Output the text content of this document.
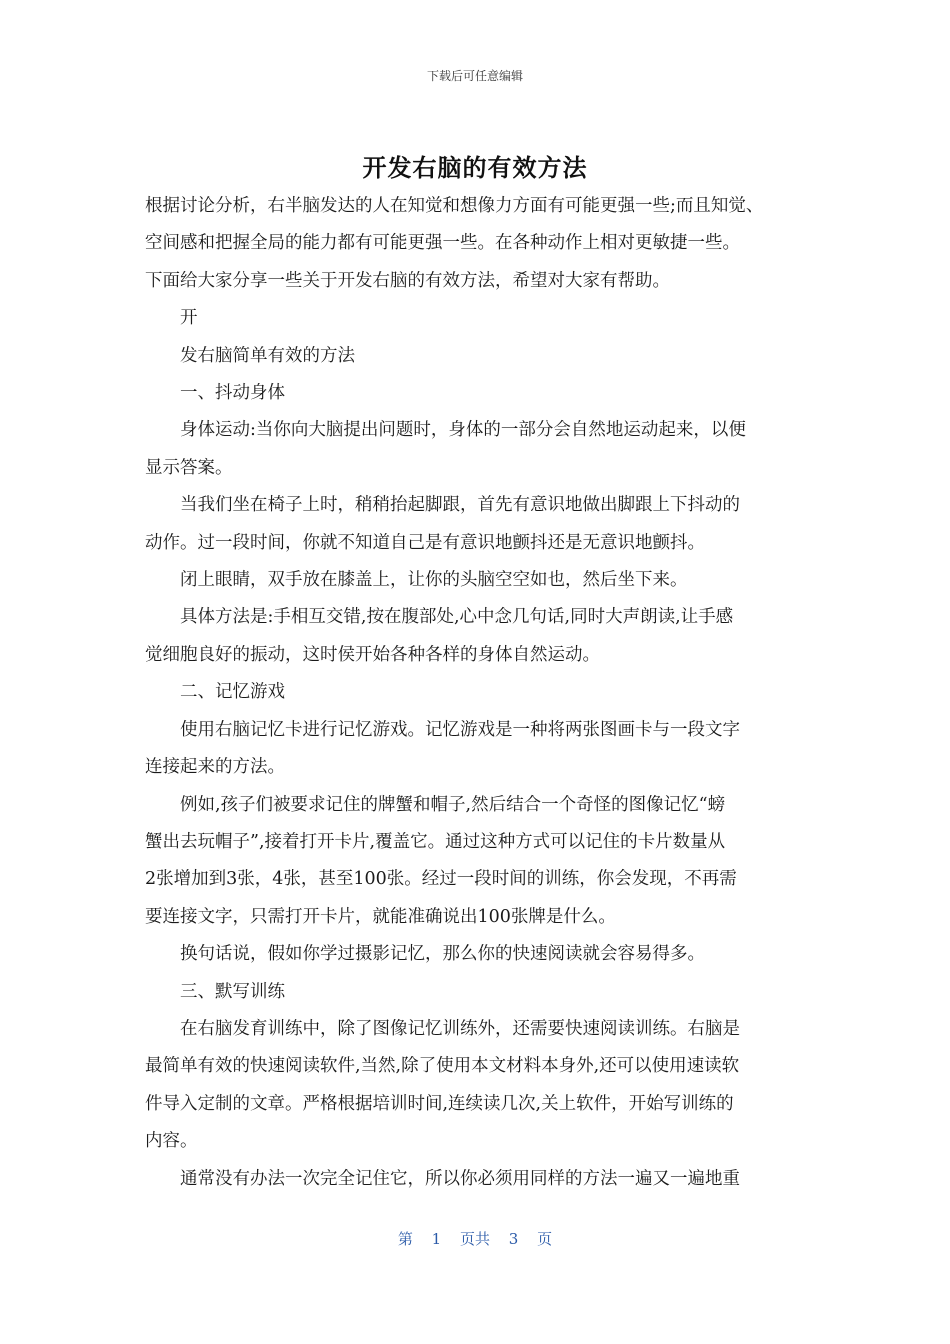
下载后可任意编辑
开发右脑的有效方法

根据讨论分析，右半脑发达的人在知觉和想像力方面有可能更强一些;而且知觉、

空间感和把握全局的能力都有可能更强一些。在各种动作上相对更敏捷一些。

下面给大家分享一些关于开发右脑的有效方法，希望对大家有帮助。

　　开

　　发右脑简单有效的方法

　　一、抖动身体

　　身体运动:当你向大脑提出问题时，身体的一部分会自然地运动起来，以便

显示答案。

　　当我们坐在椅子上时，稍稍抬起脚跟，首先有意识地做出脚跟上下抖动的

动作。过一段时间，你就不知道自己是有意识地颤抖还是无意识地颤抖。

　　闭上眼睛，双手放在膝盖上，让你的头脑空空如也，然后坐下来。

　　具体方法是:手相互交错,按在腹部处,心中念几句话,同时大声朗读,让手感

觉细胞良好的振动，这时侯开始各种各样的身体自然运动。

　　二、记忆游戏

　　使用右脑记忆卡进行记忆游戏。记忆游戏是一种将两张图画卡与一段文字

连接起来的方法。

　　例如,孩子们被要求记住的牌蟹和帽子,然后结合一个奇怪的图像记忆“螃

蟹出去玩帽子”,接着打开卡片,覆盖它。通过这种方式可以记住的卡片数量从

2张增加到3张，4张，甚至100张。经过一段时间的训练，你会发现，不再需

要连接文字，只需打开卡片，就能准确说出100张牌是什么。

　　换句话说，假如你学过摄影记忆，那么你的快速阅读就会容易得多。

　　三、默写训练

　　在右脑发育训练中，除了图像记忆训练外，还需要快速阅读训练。右脑是

最简单有效的快速阅读软件,当然,除了使用本文材料本身外,还可以使用速读软

件导入定制的文章。严格根据培训时间,连续读几次,关上软件，开始写训练的

内容。

　　通常没有办法一次完全记住它，所以你必须用同样的方法一遍又一遍地重

第 1 页共 3 页
